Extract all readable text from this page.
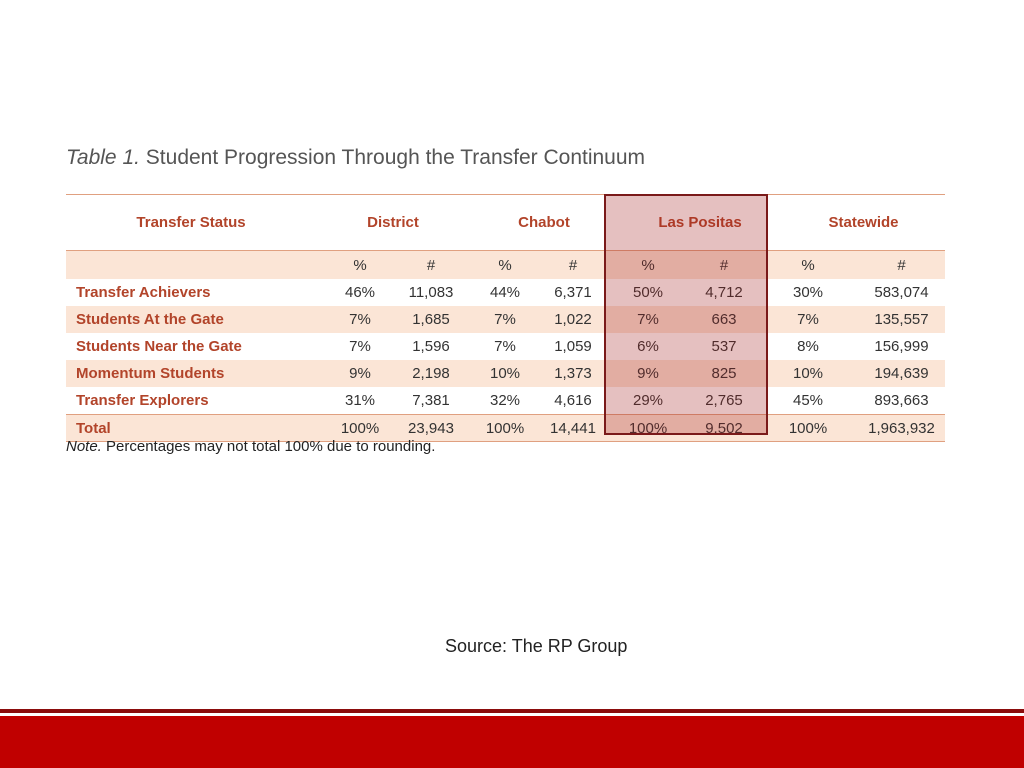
Table 1. Student Progression Through the Transfer Continuum
Transfer Status	District	Chabot	Las Positas	Statewide
%	#	%	#	%	#	%	#
Transfer Achievers	46%	11,083	44%	6,371	50%	4,712	30%	583,074
Students At the Gate	7%	1,685	7%	1,022	7%	663	7%	135,557
Students Near the Gate	7%	1,596	7%	1,059	6%	537	8%	156,999
Momentum Students	9%	2,198	10%	1,373	9%	825	10%	194,639
Transfer Explorers	31%	7,381	32%	4,616	29%	2,765	45%	893,663
Total	100%	23,943	100%	14,441	100%	9,502	100%	1,963,932
Note. Percentages may not total 100% due to rounding.
Source: The RP Group
